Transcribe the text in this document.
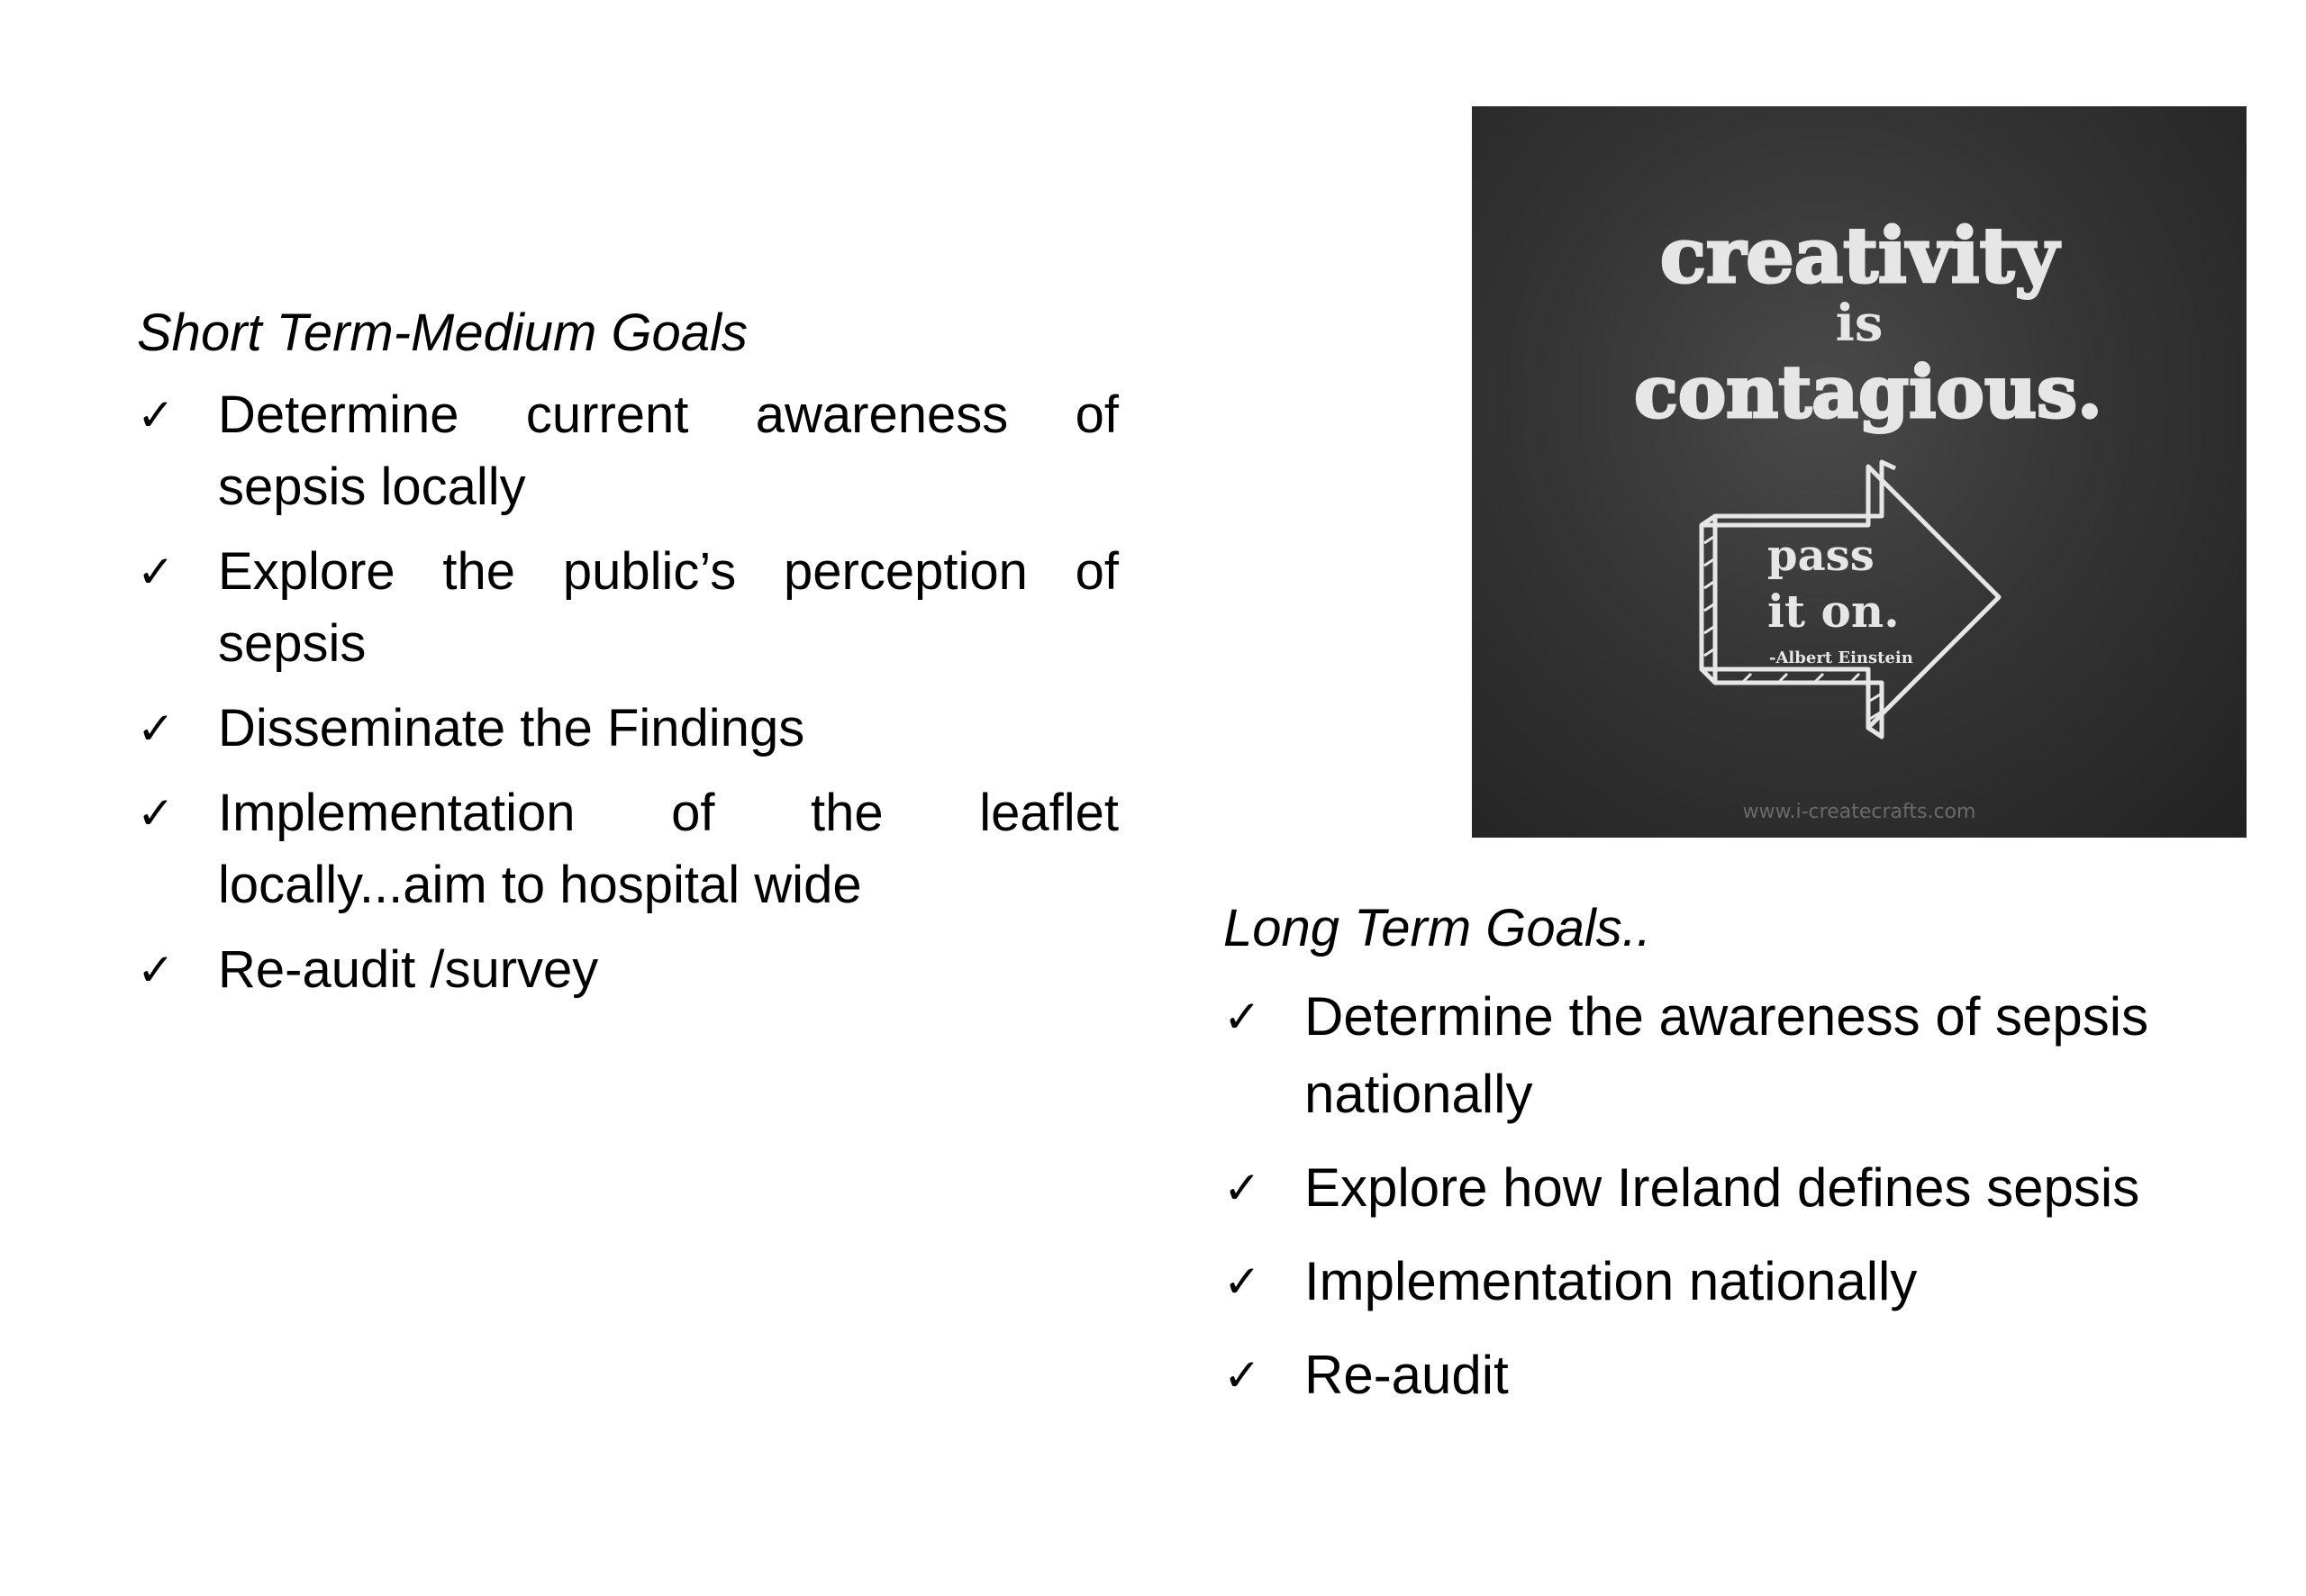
Short Term-Medium Goals
✓ Determine current awareness of sepsis locally
✓ Explore the public’s perception of sepsis
✓ Disseminate the Findings
✓ Implementation of the leaflet locally...aim to hospital wide
✓ Re-audit /survey
creativity
is
contagious.
pass
it on.
-Albert Einstein
www.i-createcrafts.com
Long Term Goals..
✓ Determine the awareness of sepsis nationally
✓ Explore how Ireland defines sepsis
✓ Implementation nationally
✓ Re-audit
